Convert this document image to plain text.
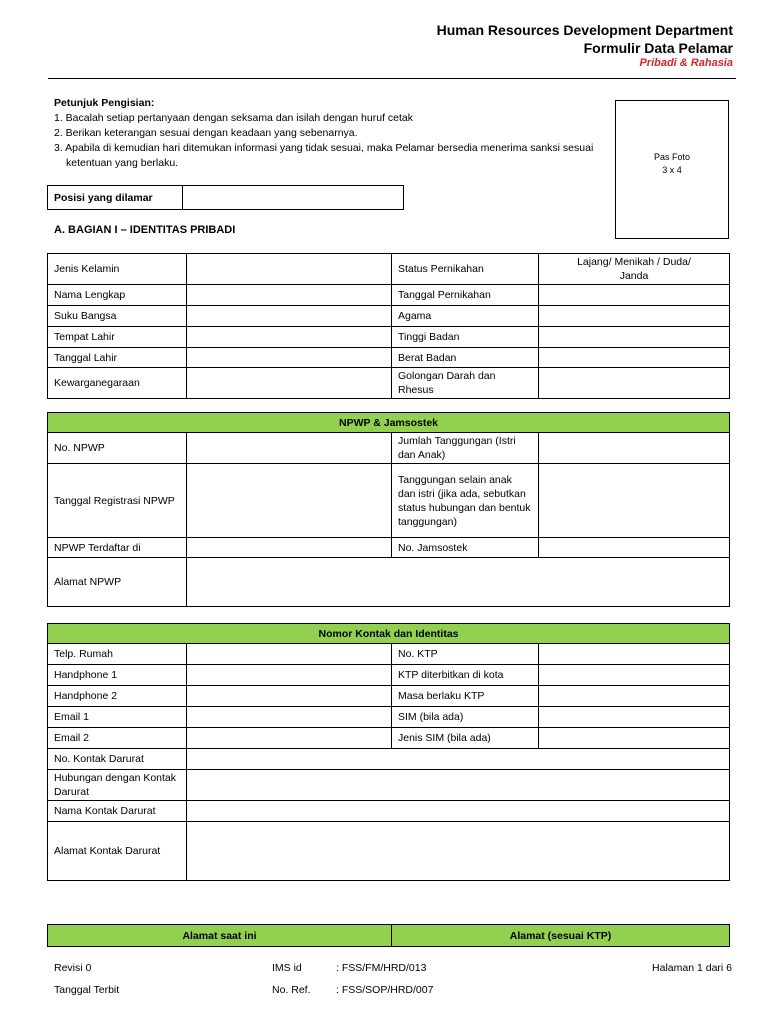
Human Resources Development Department
Formulir Data Pelamar
Pribadi & Rahasia
Petunjuk Pengisian:
1. Bacalah setiap pertanyaan dengan seksama dan isilah dengan huruf cetak
2. Berikan keterangan sesuai dengan keadaan yang sebenarnya.
3. Apabila di kemudian hari ditemukan informasi yang tidak sesuai, maka Pelamar bersedia menerima sanksi sesuai ketentuan yang berlaku.	Pas Foto
3 x 4
Posisi yang dilamar	
A. BAGIAN I – IDENTITAS PRIBADI
Jenis Kelamin		Status Pernikahan	Lajang/ Menikah / Duda/ Janda
Nama Lengkap		Tanggal Pernikahan	
Suku Bangsa		Agama	
Tempat Lahir		Tinggi Badan	
Tanggal Lahir		Berat Badan	
Kewarganegaraan		Golongan Darah dan Rhesus	
NPWP & Jamsostek			
No. NPWP		Jumlah Tanggungan (Istri dan Anak)	
Tanggal Registrasi NPWP		Tanggungan selain anak dan istri (jika ada, sebutkan status hubungan dan bentuk tanggungan)	
NPWP Terdaftar di		No. Jamsostek	
Alamat NPWP			
Nomor Kontak dan Identitas			
Telp. Rumah		No. KTP	
Handphone 1		KTP diterbitkan di kota	
Handphone 2		Masa berlaku KTP	
Email 1		SIM (bila ada)	
Email 2		Jenis SIM (bila ada)	
No. Kontak Darurat			
Hubungan dengan Kontak Darurat			
Nama Kontak Darurat			
Alamat Kontak Darurat			
Alamat saat ini	Alamat (sesuai KTP)
Revisi 0
Tanggal Terbit
IMS id	: FSS/FM/HRD/013
No. Ref. : FSS/SOP/HRD/007
Halaman 1 dari 6
